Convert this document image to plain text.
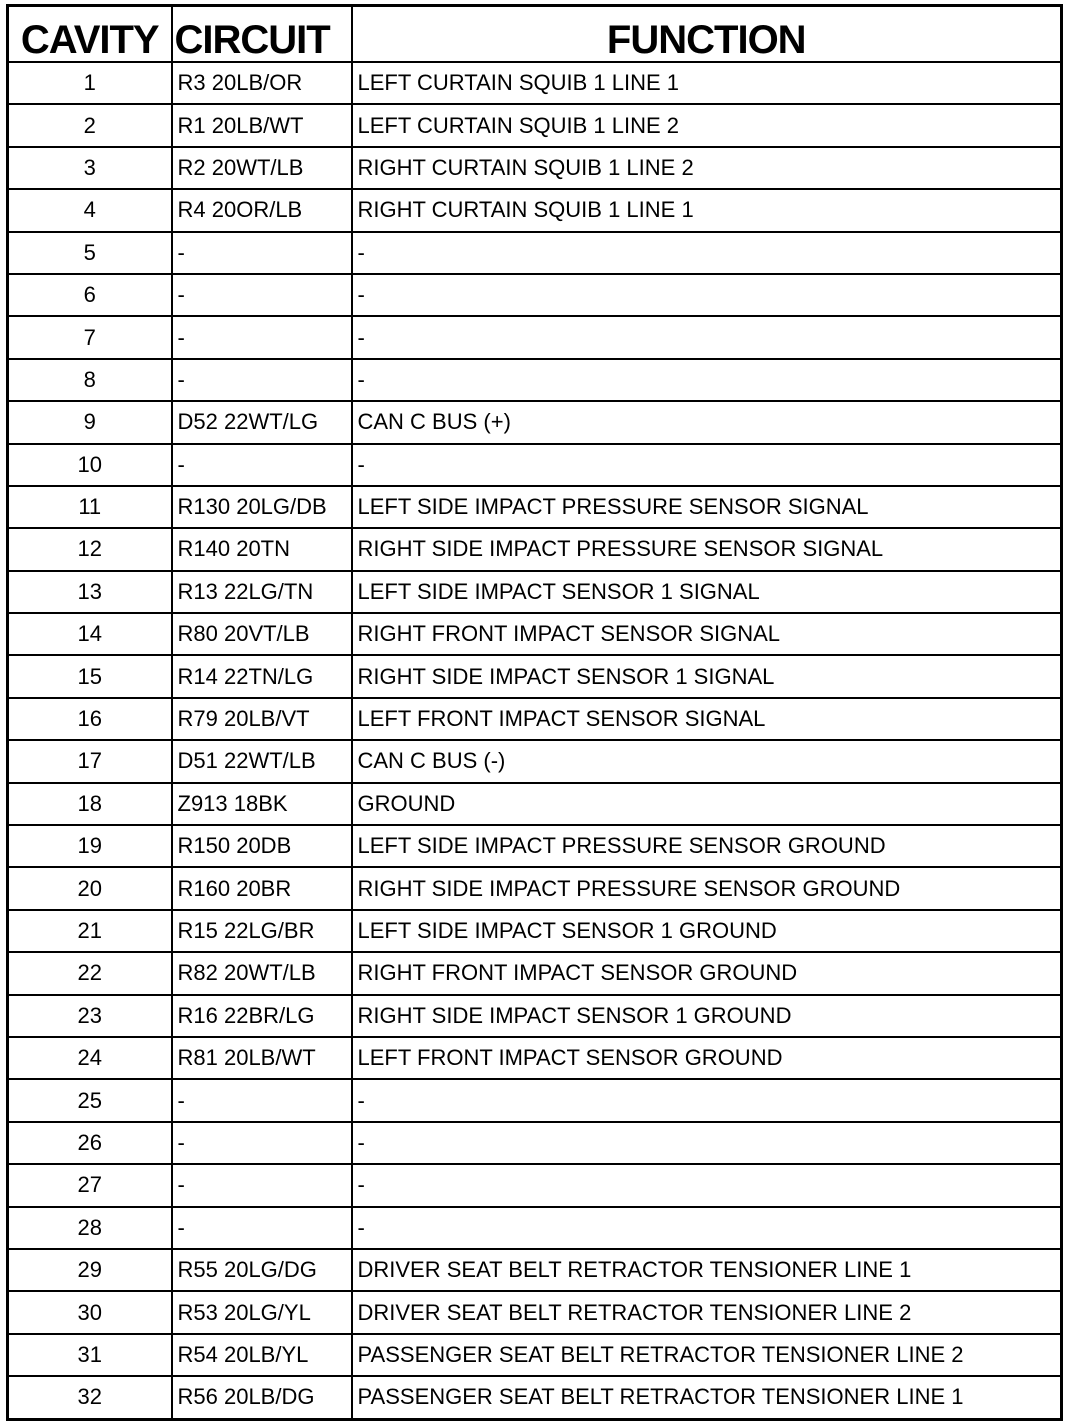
CAVITY	CIRCUIT	FUNCTION
1	R3 20LB/OR	LEFT CURTAIN SQUIB 1 LINE 1
2	R1 20LB/WT	LEFT CURTAIN SQUIB 1 LINE 2
3	R2 20WT/LB	RIGHT CURTAIN SQUIB 1 LINE 2
4	R4 20OR/LB	RIGHT CURTAIN SQUIB 1 LINE 1
5	-	-
6	-	-
7	-	-
8	-	-
9	D52 22WT/LG	CAN C BUS (+)
10	-	-
11	R130 20LG/DB	LEFT SIDE IMPACT PRESSURE SENSOR SIGNAL
12	R140 20TN	RIGHT SIDE IMPACT PRESSURE SENSOR SIGNAL
13	R13 22LG/TN	LEFT SIDE IMPACT SENSOR 1 SIGNAL
14	R80 20VT/LB	RIGHT FRONT IMPACT SENSOR SIGNAL
15	R14 22TN/LG	RIGHT SIDE IMPACT SENSOR 1 SIGNAL
16	R79 20LB/VT	LEFT FRONT IMPACT SENSOR SIGNAL
17	D51 22WT/LB	CAN C BUS (-)
18	Z913 18BK	GROUND
19	R150 20DB	LEFT SIDE IMPACT PRESSURE SENSOR GROUND
20	R160 20BR	RIGHT SIDE IMPACT PRESSURE SENSOR GROUND
21	R15 22LG/BR	LEFT SIDE IMPACT SENSOR 1 GROUND
22	R82 20WT/LB	RIGHT FRONT IMPACT SENSOR GROUND
23	R16 22BR/LG	RIGHT SIDE IMPACT SENSOR 1 GROUND
24	R81 20LB/WT	LEFT FRONT IMPACT SENSOR GROUND
25	-	-
26	-	-
27	-	-
28	-	-
29	R55 20LG/DG	DRIVER SEAT BELT RETRACTOR TENSIONER LINE 1
30	R53 20LG/YL	DRIVER SEAT BELT RETRACTOR TENSIONER LINE 2
31	R54 20LB/YL	PASSENGER SEAT BELT RETRACTOR TENSIONER LINE 2
32	R56 20LB/DG	PASSENGER SEAT BELT RETRACTOR TENSIONER LINE 1
